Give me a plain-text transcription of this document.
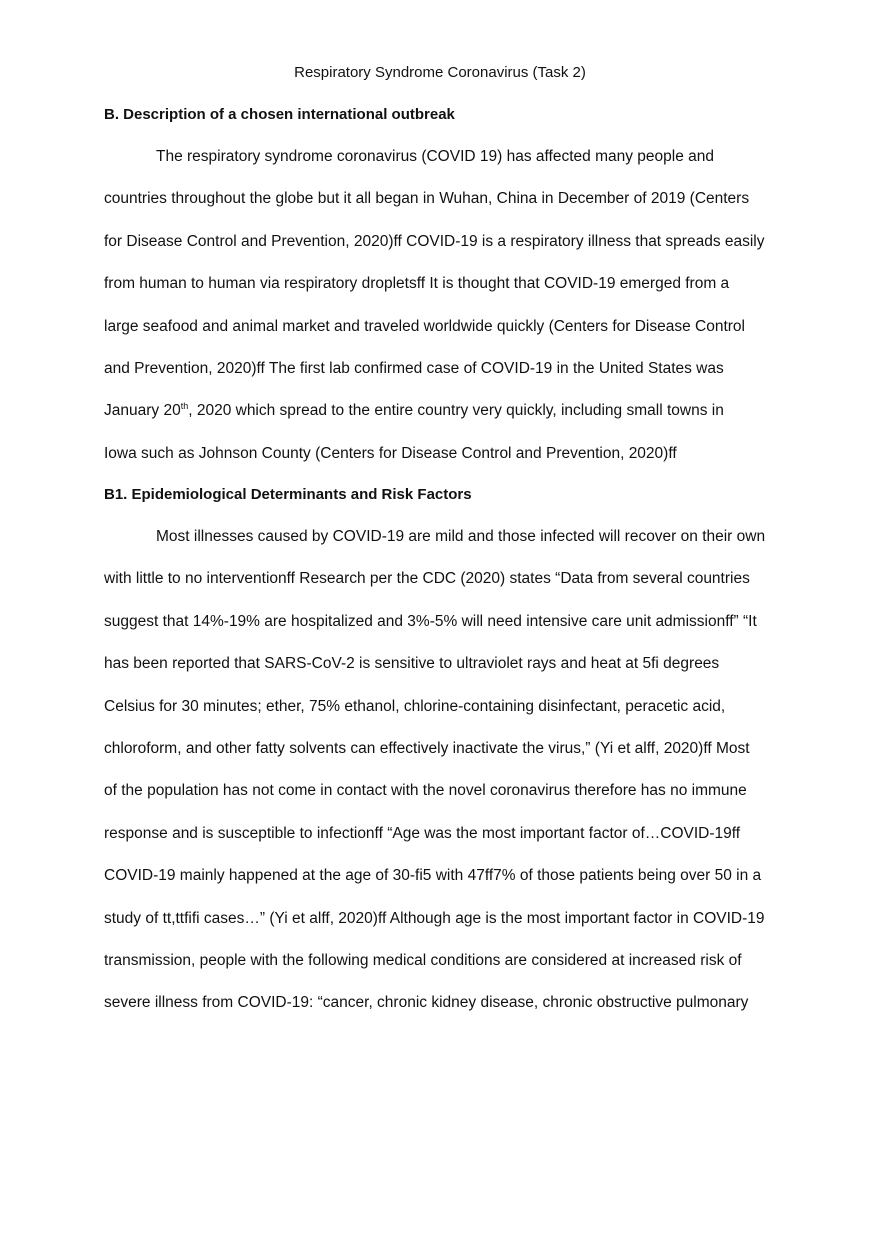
Respiratory Syndrome Coronavirus (Task 2)
B. Description of a chosen international outbreak
The respiratory syndrome coronavirus (COVID 19) has affected many people and
countries throughout the globe but it all began in Wuhan, China in December of 2019 (Centers
for Disease Control and Prevention, 2020)ff COVID-19 is a respiratory illness that spreads easily
from human to human via respiratory dropletsff It is thought that COVID-19 emerged from a
large seafood and animal market and traveled worldwide quickly (Centers for Disease Control
and Prevention, 2020)ff The first lab confirmed case of COVID-19 in the United States was
January 20th, 2020 which spread to the entire country very quickly, including small towns in
Iowa such as Johnson County (Centers for Disease Control and Prevention, 2020)ff
B1. Epidemiological Determinants and Risk Factors
Most illnesses caused by COVID-19 are mild and those infected will recover on their own
with little to no interventionff Research per the CDC (2020) states “Data from several countries
suggest that 14%-19% are hospitalized and 3%-5% will need intensive care unit admissionff” “It
has been reported that SARS-CoV-2 is sensitive to ultraviolet rays and heat at 5fi degrees
Celsius for 30 minutes; ether, 75% ethanol, chlorine-containing disinfectant, peracetic acid,
chloroform, and other fatty solvents can effectively inactivate the virus,” (Yi et alff, 2020)ff Most
of the population has not come in contact with the novel coronavirus therefore has no immune
response and is susceptible to infectionff “Age was the most important factor of…COVID-19ff
COVID-19 mainly happened at the age of 30-fi5 with 47ff7% of those patients being over 50 in a
study of tt,ttfifi cases…” (Yi et alff, 2020)ff Although age is the most important factor in COVID-19
transmission, people with the following medical conditions are considered at increased risk of
severe illness from COVID-19: “cancer, chronic kidney disease, chronic obstructive pulmonary
